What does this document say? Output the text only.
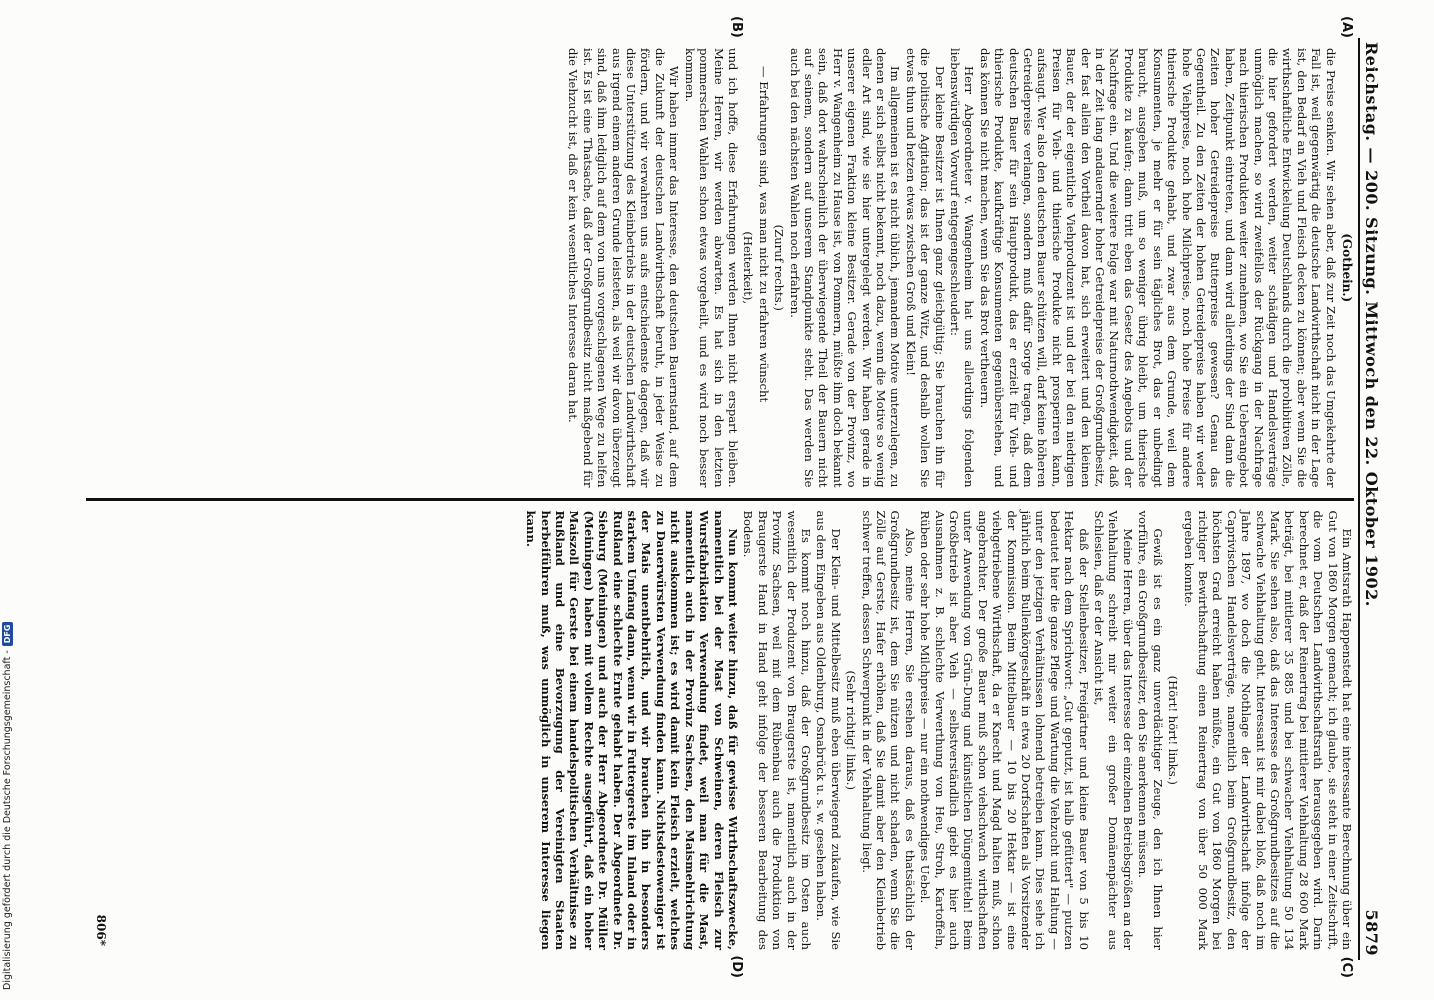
Reichstag. — 200. Sitzung. Mittwoch den 22. Oktober 1902.
5879
(Gothein.)

die Preise senken. Wir sehen aber, daß zur Zeit noch das Umgekehrte der Fall ist, weil gegenwärtig die deutsche Landwirthschaft nicht in der Lage ist, den Bedarf an Vieh und Fleisch decken zu können; aber wenn Sie die wirthschaftliche Entwickelung Deutschlands durch die prohibitiven Zölle, die hier gefordert werden, weiter schädigen und Handelsverträge unmöglich machen, so wird zweifellos der Rückgang in der Nachfrage nach thierischen Produkten weiter zunehmen, wo Sie ein Ueberangebot haben, Zeitpunkt eintreten, und dann wird allerdings der Sind dann die Zeiten hoher Getreidepreise Butterpreise gewesen? Genau das Gegentheil. Zu den Zeiten der hohen Getreidepreise haben wir weder hohe Viehpreise, noch hohe Milchpreise, noch hohe Preise für andere thierische Produkte gehabt, und zwar aus dem Grunde, weil dem Konsumenten, je mehr er für sein tägliches Brot, das er unbedingt braucht, ausgeben muß, um so weniger übrig bleibt, um thierische Produkte zu kaufen; dann tritt eben das Gesetz des Angebots und der Nachfrage ein. Und die weitere Folge war mit Naturnothwendigkeit, daß in der Zeit lang andauernder hoher Getreidepreise der Großgrundbesitz, der fast allein den Vortheil davon hat, sich erweitert und den kleinen Bauer, der der eigentliche Viehproduzent ist und der bei den niedrigen Preisen für Vieh- und thierische Produkte nicht prosperiren kann, aufsaugt. Wer also den deutschen Bauer schützen will, darf keine höheren Getreidepreise verlangen, sondern muß dafür Sorge tragen, daß dem deutschen Bauer für sein Hauptprodukt, das er erzielt für Vieh- und thierische Produkte, kaufkräftige Konsumenten gegenüberstehen, und das können Sie nicht machen, wenn Sie das Brot vertheuern.

Herr Abgeordneter v. Wangenheim hat uns allerdings folgenden liebenswürdigen Vorwurf entgegengeschleudert:

Der kleine Besitzer ist Ihnen ganz gleichgültig; Sie brauchen ihn für die politische Agitation; das ist der ganze Witz, und deshalb wollen Sie etwas thun und hetzen etwas zwischen Groß und Klein!

Im allgemeinen ist es nicht üblich, jemandem Motive unterzulegen, zu denen er sich selbst nicht bekennt, noch dazu, wenn die Motive so wenig edler Art sind, wie sie hier untergelegt werden. Wir haben gerade in unserer eigenen Fraktion kleine Besitzer. Gerade von der Provinz, wo Herr v. Wangenheim zu Hause ist, von Pommern, müßte ihm doch bekannt sein, daß dort wahrscheinlich der überwiegende Theil der Bauern nicht auf seinem, sondern auf unserem Standpunkte steht. Das werden Sie auch bei den nächsten Wahlen noch erfahren.

(Zuruf rechts.)

— Erfahrungen sind, was man nicht zu erfahren wünscht

(Heiterkeit),

und ich hoffe, diese Erfahrungen werden Ihnen nicht erspart bleiben. Meine Herren, wir werden abwarten. Es hat sich in den letzten pommerschen Wahlen schon etwas vorgeheilt, und es wird noch besser kommen.

Wir haben immer das Interesse, den deutschen Bauernstand, auf dem die Zukunft der deutschen Landwirthschaft beruht, in jeder Weise zu fördern, und wir verwahren uns aufs entschiedenste dagegen, daß wir diese Unterstützung des Kleinbetriebs in der deutschen Landwirthschaft aus irgend einem anderen Grunde leisteten, als weil wir davon überzeugt sind, daß ihm lediglich auf dem von uns vorgeschlagenen Wege zu helfen ist. Es ist eine Thatsache, daß der Großgrundbesitz nicht maßgebend für die Viehzucht ist, daß er kein wesentliches Interesse daran hat.

Ein Amtsrath Happenstedt hat eine interessante Berechnung über ein Gut von 1860 Morgen gemacht; ich glaube, sie steht in einer Zeitschrift, die vom Deutschen Landwirthschaftsrath herausgegeben wird. Darin berechnet er, daß der Reinertrag bei mittlerer Viehhaltung 28 600 Mark beträgt, bei mittlerer 35 885 und bei schwacher Viehhaltung 50 134 Mark. Sie sehen also, daß das Interesse des Großgrundbesitzes auf die schwache Viehhaltung geht. Interessant ist mir dabei bloß, daß noch im Jahre 1897, wo doch die Nothlage der Landwirthschaft infolge der Caprivischen Handelsverträge, namentlich beim Großgrundbesitz, den höchsten Grad erreicht haben müßte, ein Gut von 1860 Morgen bei richtiger Bewirthschaftung einen Reinertrag von über 50 000 Mark ergeben konnte.

(Hört! hört! links.)

Gewiß ist es ein ganz unverdächtiger Zeuge, den ich Ihnen hier vorführe, ein Großgrundbesitzer, den Sie anerkennen müssen.

Meine Herren, über das Interesse der einzelnen Betriebsgrößen an der Viehhaltung schreibt mir weiter ein großer Domänenpächter aus Schlesien, daß er der Ansicht ist,

daß der Stellenbesitzer, Freigärtner und kleine Bauer von 5 bis 10 Hektar nach dem Sprichwort: „Gut geputzt, ist halb gefüttert" — putzen bedeutet hier die ganze Pflege und Wartung die Viehzucht und Haltung — unter den jetzigen Verhältnissen lohnend betreiben kann. Dies sehe ich jährlich beim Bullenkörgeschäft in etwa 20 Dorfschaften als Vorsitzender der Kommission. Beim Mittelbauer — 10 bis 20 Hektar — ist eine viehgetriebene Wirthschaft, da er Knecht und Magd halten muß, schon angebrachter. Der große Bauer muß schon viehschwach wirthschaften unter Anwendung von Grün-Dung und künstlichen Düngemitteln! Beim Großbetrieb ist aber Vieh — selbstverständlich giebt es hier auch Ausnahmen z. B. schlechte Verwerthung von Heu, Stroh, Kartoffeln, Rüben oder sehr hohe Milchpreise — nur ein nothwendiges Uebel.

Also, meine Herren, Sie ersehen daraus, daß es thatsächlich der Großgrundbesitz ist, dem Sie nützen und nicht schaden, wenn Sie die Zölle auf Gerste, Hafer erhöhen, daß Sie damit aber den Kleinbetrieb schwer treffen, dessen Schwerpunkt in der Viehhaltung liegt.

(Sehr richtig! links.)

Der Klein- und Mittelbesitz muß eben überwiegend zukaufen, wie Sie aus dem Eingeben aus Oldenburg, Osnabrück u. s. w. gesehen haben.

Es kommt noch hinzu, daß der Großgrundbesitz im Osten auch wesentlich der Produzent von Braugerste ist, namentlich auch in der Provinz Sachsen, weil mit dem Rübenbau auch die Produktion von Braugerste Hand in Hand geht infolge der besseren Bearbeitung des Bodens.

Nun kommt weiter hinzu, daß für gewisse Wirthschaftszwecke, namentlich bei der Mast von Schweinen, deren Fleisch zur Wurstfabrikation Verwendung findet, weil man für die Mast, namentlich auch in der Provinz Sachsen, den Maismehlrichtung nicht auskommen ist; es wird damit kein Fleisch erzielt, welches zu Dauerwürsten Verwendung finden kann. Nichtsdestoweniger ist der Mais unentbehrlich, und wir brauchen ihn in besonders starkem Umfang dann, wenn wir in Futtergerste im Inland oder in Rußland eine schlechte Ernte gehabt haben. Der Abgeordnete Dr. Sieburg (Meiningen) und auch der Herr Abgeordnete Dr. Müller (Meiningen) haben mit vollem Rechte ausgeführt, daß ein hoher Maiszoll für Gerste bei einem handelspolitischen Verhältnisse zu Rußland und eine Bevorzugung der Vereinigten Staaten herbeiführen muß, was unmöglich in unserem Interesse liegen kann.

806*
(A)
(B)
(C)
(D)
Digitalisierung gefördert durch die Deutsche Forschungsgemeinschaft -
DFG
